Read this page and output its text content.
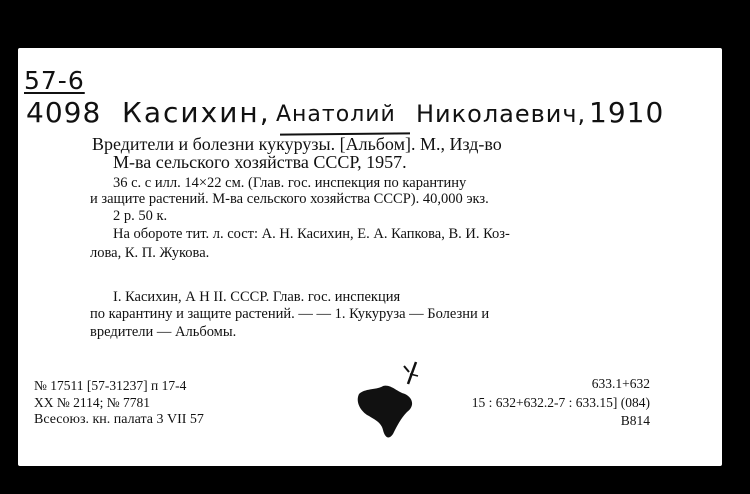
57-6
4098 Касихин, Анатолий Николаевич, 1910
Вредители и болезни кукурузы. [Альбом]. М., Изд-во
М-ва сельского хозяйства СССР, 1957.
36 с. с илл. 14×22 см. (Глав. гос. инспекция по карантину
и защите растений. М-ва сельского хозяйства СССР). 40,000 экз.
2 р. 50 к.
На обороте тит. л. сост: А. Н. Касихин, Е. А. Капкова, В. И. Коз-
лова, К. П. Жукова.
I. Касихин, А Н II. СССР. Глав. гос. инспекция
по карантину и защите растений. — — 1. Кукуруза — Болезни и
вредители — Альбомы.
№ 17511 [57-31237] п 17-4
XX № 2114; № 7781
Всесоюз. кн. палата 3 VII 57
633.1+632
15 : 632+632.2-7 : 633.15] (084)
В814
